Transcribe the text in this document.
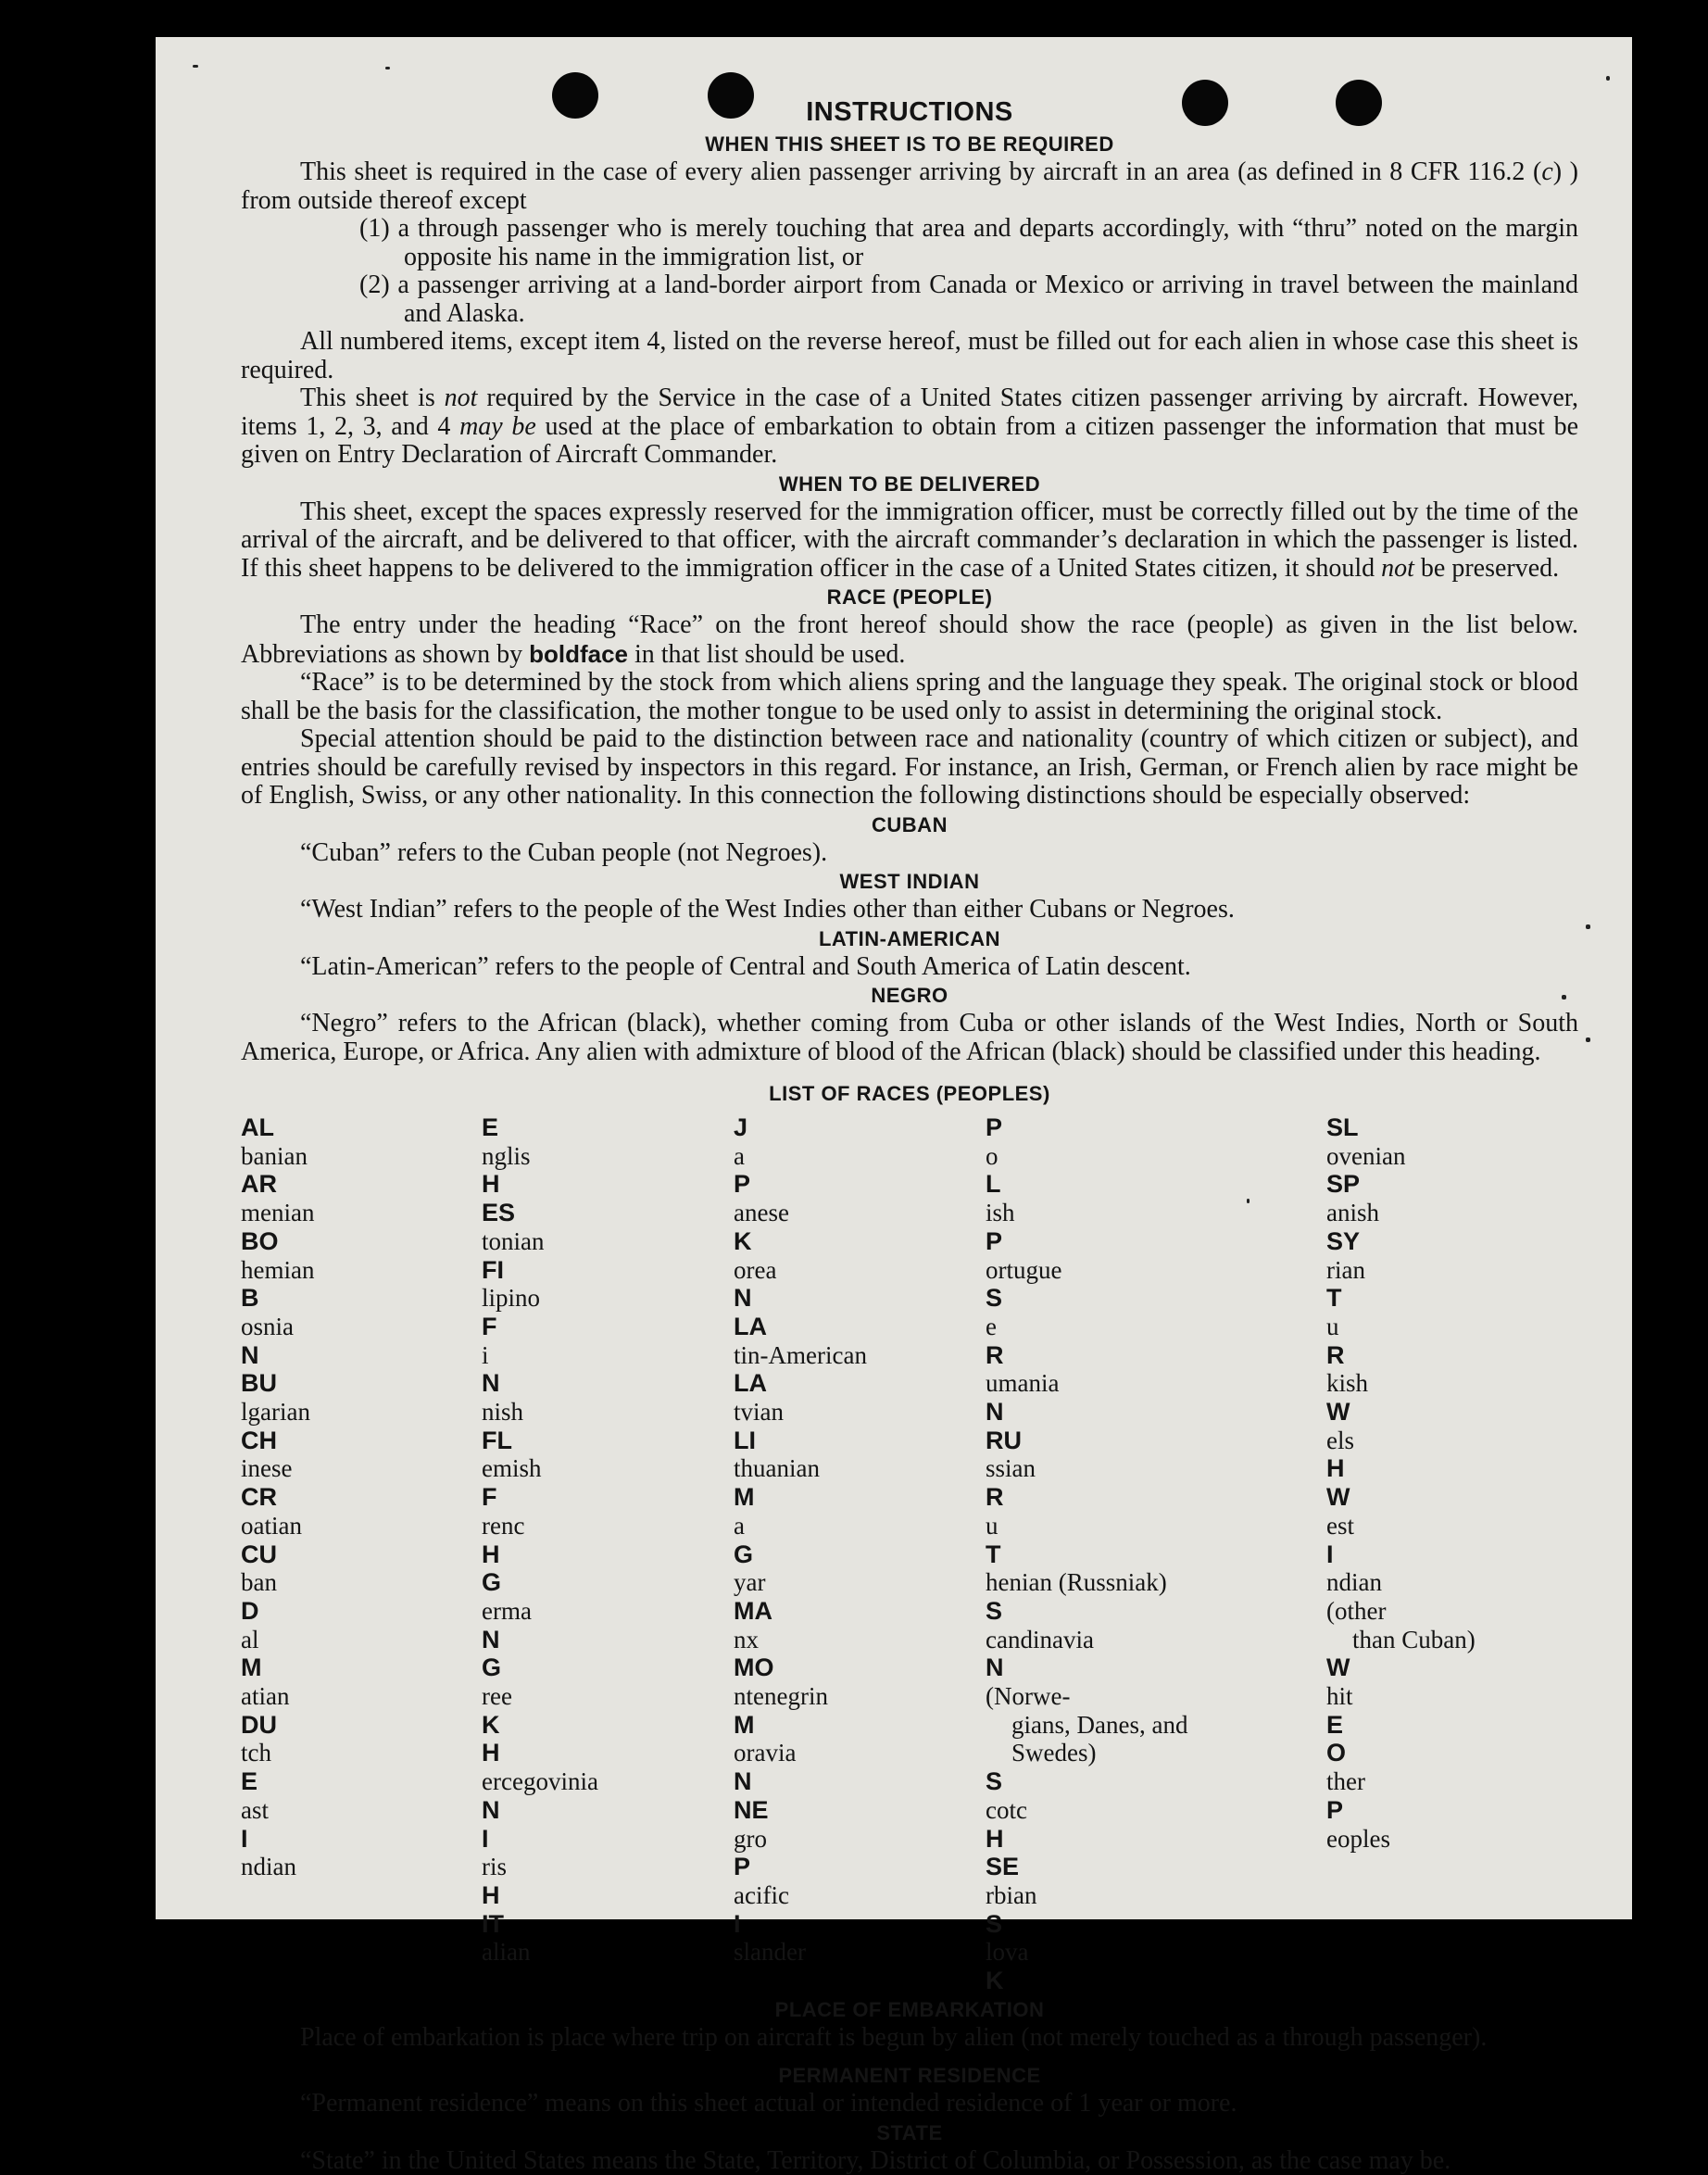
INSTRUCTIONS
WHEN THIS SHEET IS TO BE REQUIRED

This sheet is required in the case of every alien passenger arriving by aircraft in an area (as defined in 8 CFR 116.2 (c) ) from outside thereof except

(1) a through passenger who is merely touching that area and departs accordingly, with “thru” noted on the margin opposite his name in the immigration list, or
(2) a passenger arriving at a land-border airport from Canada or Mexico or arriving in travel between the mainland and Alaska.

All numbered items, except item 4, listed on the reverse hereof, must be filled out for each alien in whose case this sheet is required.

This sheet is not required by the Service in the case of a United States citizen passenger arriving by aircraft. However, items 1, 2, 3, and 4 may be used at the place of embarkation to obtain from a citizen passenger the information that must be given on Entry Declaration of Aircraft Commander.

WHEN TO BE DELIVERED

This sheet, except the spaces expressly reserved for the immigration officer, must be correctly filled out by the time of the arrival of the aircraft, and be delivered to that officer, with the aircraft commander’s declaration in which the passenger is listed. If this sheet happens to be delivered to the immigration officer in the case of a United States citizen, it should not be preserved.

RACE (PEOPLE)

The entry under the heading “Race” on the front hereof should show the race (people) as given in the list below. Abbreviations as shown by boldface in that list should be used.

“Race” is to be determined by the stock from which aliens spring and the language they speak. The original stock or blood shall be the basis for the classification, the mother tongue to be used only to assist in determining the original stock.

Special attention should be paid to the distinction between race and nationality (country of which citizen or subject), and entries should be carefully revised by inspectors in this regard. For instance, an Irish, German, or French alien by race might be of English, Swiss, or any other nationality. In this connection the following distinctions should be especially observed:

CUBAN

“Cuban” refers to the Cuban people (not Negroes).

WEST INDIAN

“West Indian” refers to the people of the West Indies other than either Cubans or Negroes.

LATIN-AMERICAN

“Latin-American” refers to the people of Central and South America of Latin descent.

NEGRO

“Negro” refers to the African (black), whether coming from Cuba or other islands of the West Indies, North or South America, Europe, or Africa. Any alien with admixture of blood of the African (black) should be classified under this heading.

LIST OF RACES (PEOPLES)
AL
banian
AR
menian
BO
hemian
B
osnia
N
BU
lgarian
CH
inese
CR
oatian
CU
ban
D
al
M
atian
DU
tch
E
ast
I
ndian
E
nglis
H
ES
tonian
FI
lipino
F
i
N
nish
FL
emish
F
renc
H
G
erma
N
G
ree
K
H
ercegovinia
N
I
ris
H
IT
alian
J
a
P
anese
K
orea
N
LA
tin-American
LA
tvian
LI
thuanian
M
a
G
yar
MA
nx
MO
ntenegrin
M
oravia
N
NE
gro
P
acific
I
slander
P
o
L
ish
P
ortugue
S
e
R
umania
N
RU
ssian
R
u
T
henian (Russniak)
S
candinavia
N
(Norwe-
gians, Danes, and
Swedes)
S
cotc
H
SE
rbian
S
lova
K
SL
ovenian
SP
anish
SY
rian
T
u
R
kish
W
els
H
W
est
I
ndian
(other
than Cuban)
W
hit
E
O
ther
P
eoples
PLACE OF EMBARKATION

Place of embarkation is place where trip on aircraft is begun by alien (not merely touched as a through passenger).

PERMANENT RESIDENCE

“Permanent residence” means on this sheet actual or intended residence of 1 year or more.

STATE

“State” in the United States means the State, Territory, District of Columbia, or Possession, as the case may be.
